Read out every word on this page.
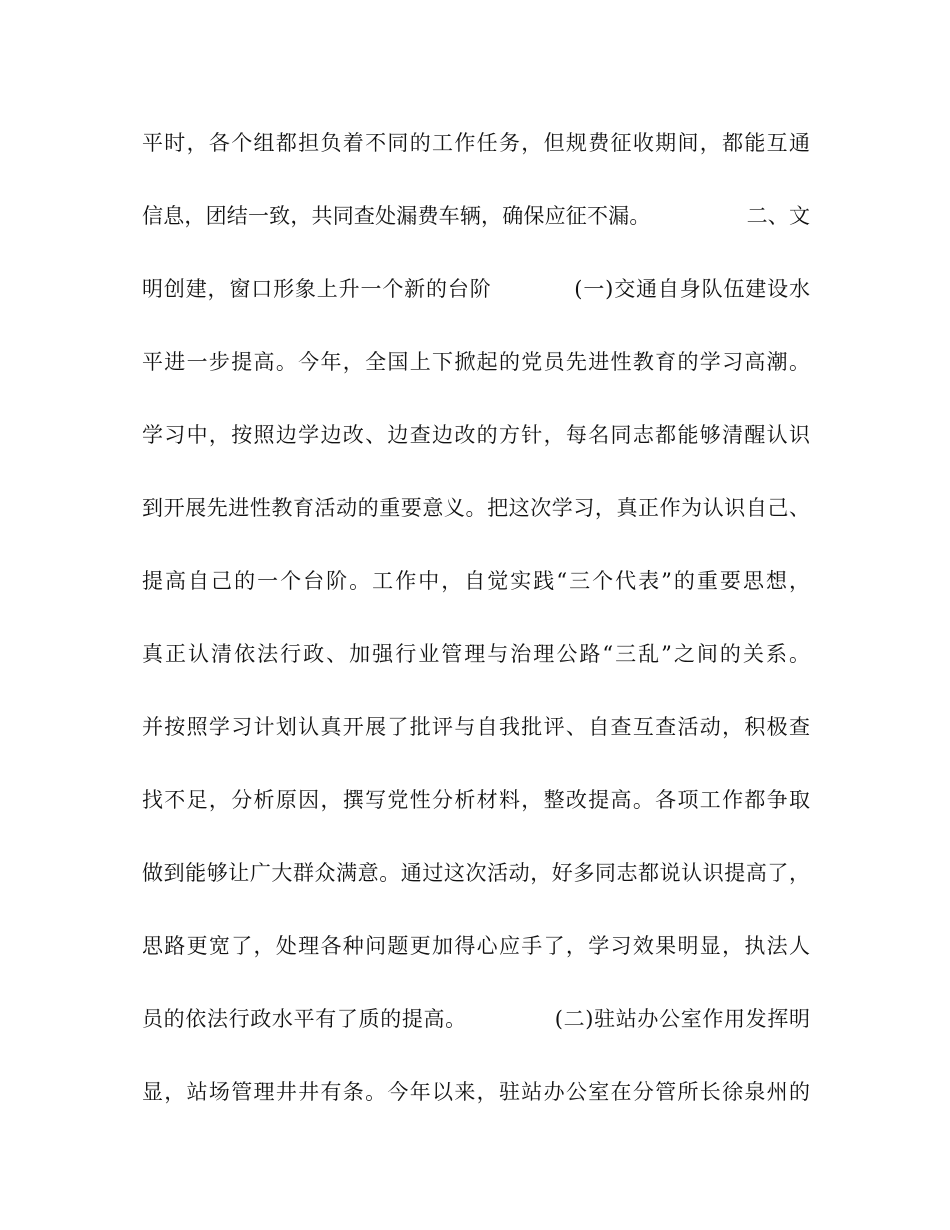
平时，各个组都担负着不同的工作任务，但规费征收期间，都能互通
信息，团结一致，共同查处漏费车辆，确保应征不漏。              二、文
明创建，窗口形象上升一个新的台阶           (一)交通自身队伍建设水
平进一步提高。今年，全国上下掀起的党员先进性教育的学习高潮。
学习中，按照边学边改、边查边改的方针，每名同志都能够清醒认识
到开展先进性教育活动的重要意义。把这次学习，真正作为认识自己、
提高自己的一个台阶。工作中，自觉实践“三个代表”的重要思想，
真正认清依法行政、加强行业管理与治理公路“三乱”之间的关系。
并按照学习计划认真开展了批评与自我批评、自查互查活动，积极查
找不足，分析原因，撰写党性分析材料，整改提高。各项工作都争取
做到能够让广大群众满意。通过这次活动，好多同志都说认识提高了，
思路更宽了，处理各种问题更加得心应手了，学习效果明显，执法人
员的依法行政水平有了质的提高。            (二)驻站办公室作用发挥明
显，站场管理井井有条。今年以来，驻站办公室在分管所长徐泉州的
